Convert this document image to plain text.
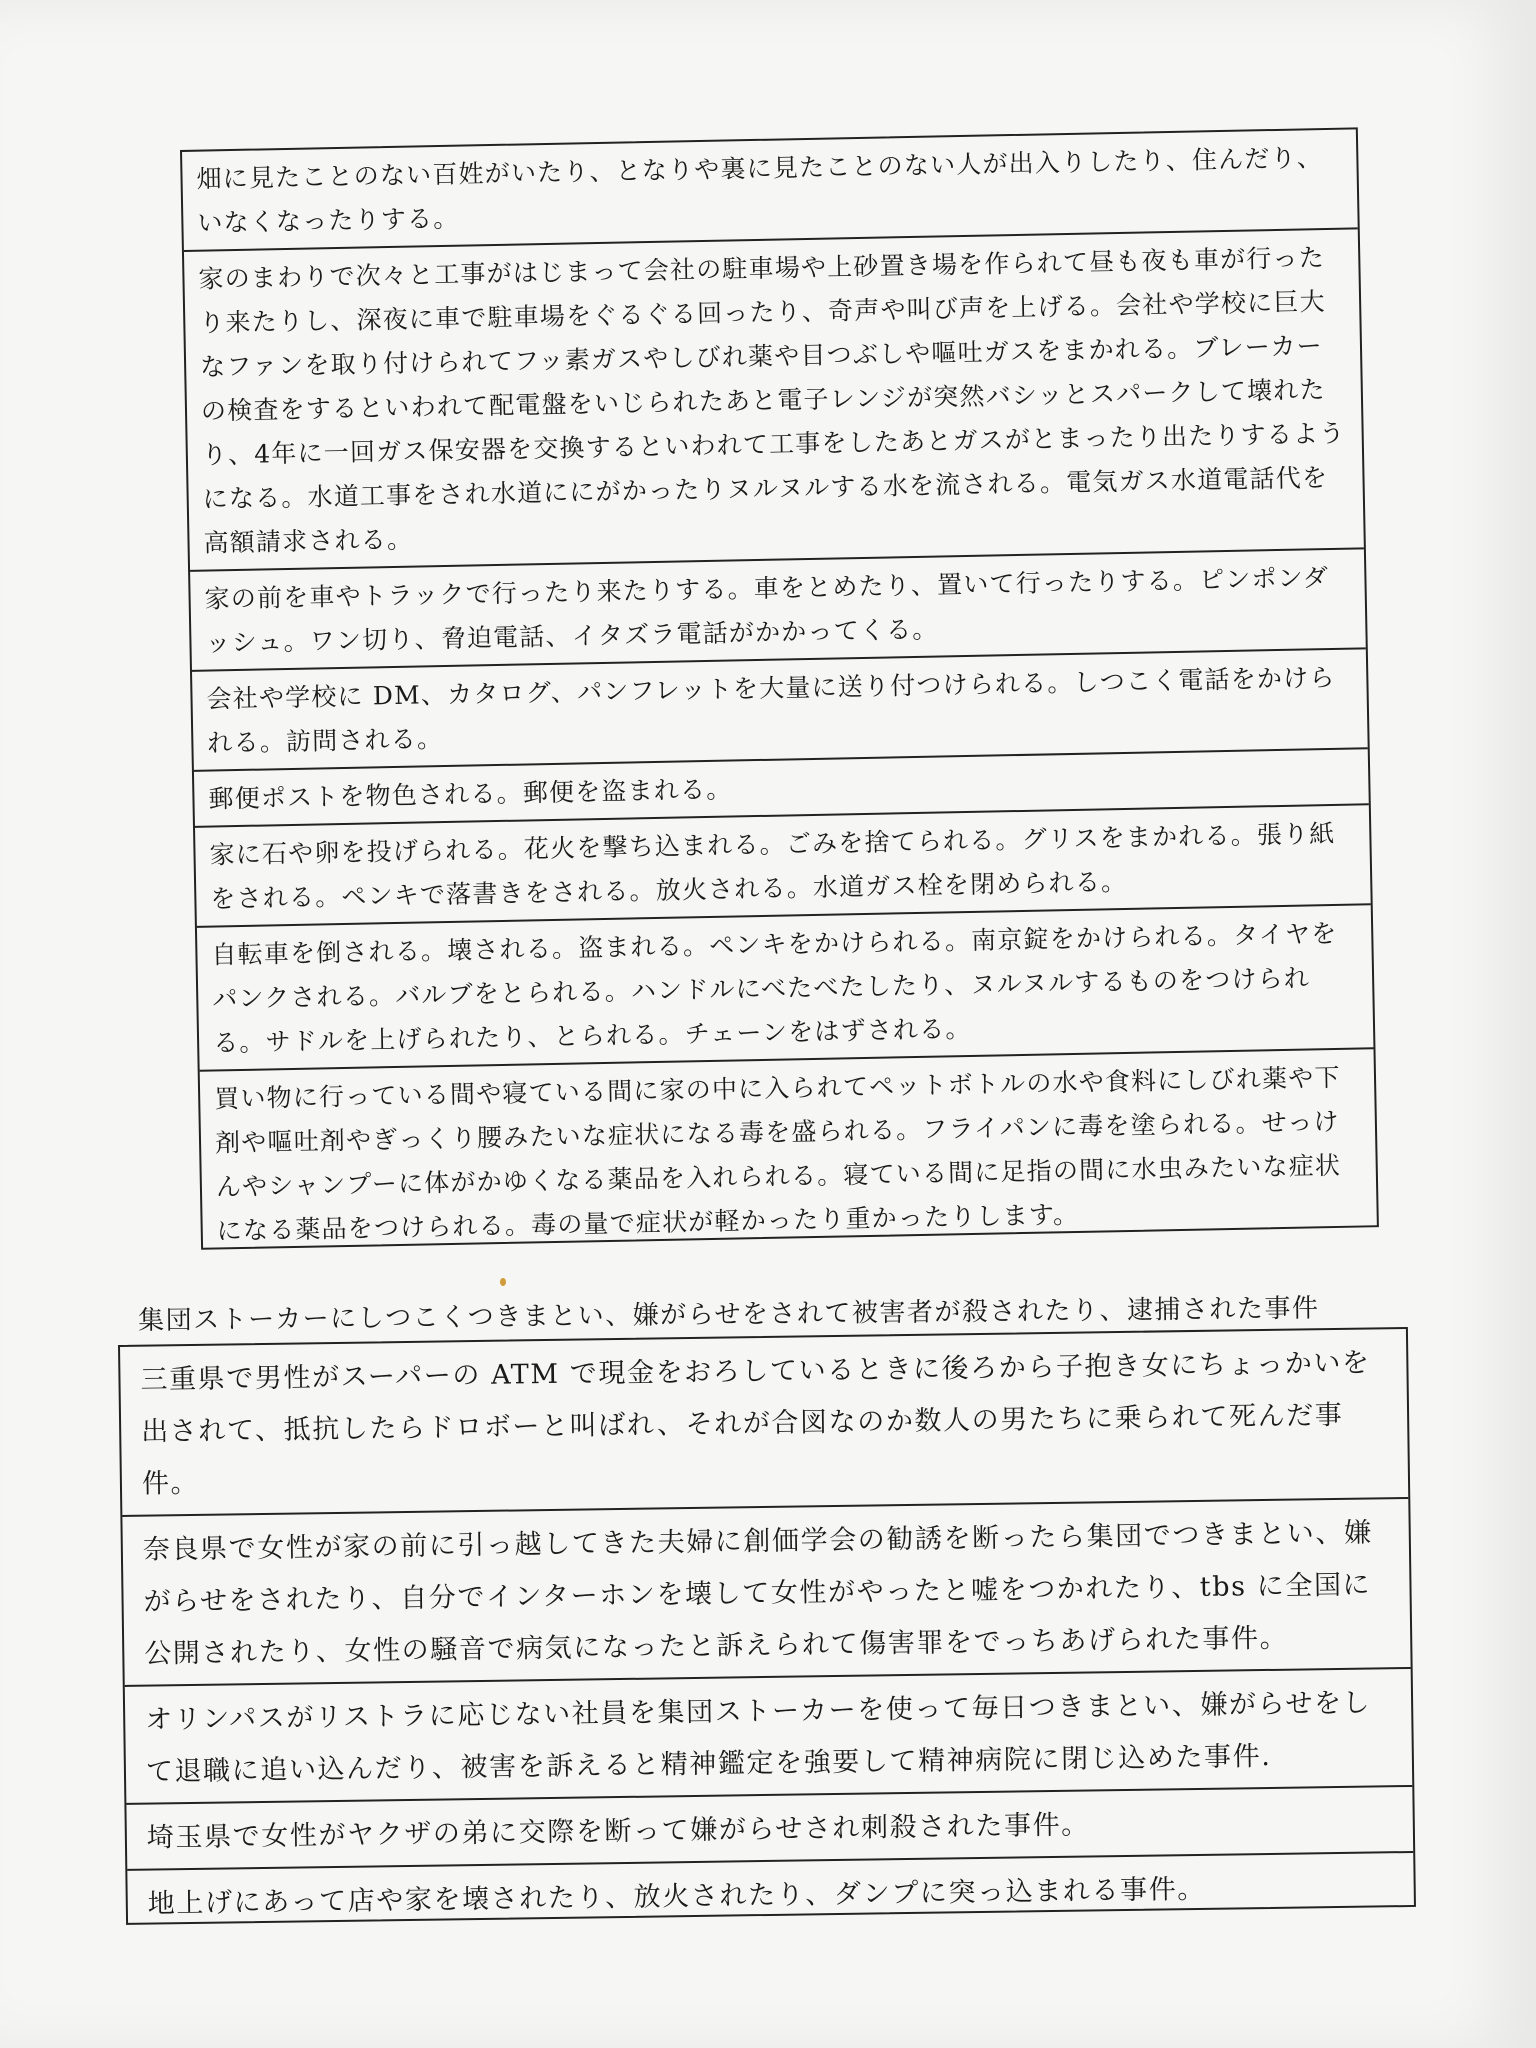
畑に見たことのない百姓がいたり、となりや裏に見たことのない人が出入りしたり、住んだり、いなくなったりする。
家のまわりで次々と工事がはじまって会社の駐車場や上砂置き場を作られて昼も夜も車が行ったり来たりし、深夜に車で駐車場をぐるぐる回ったり、奇声や叫び声を上げる。会社や学校に巨大なファンを取り付けられてフッ素ガスやしびれ薬や目つぶしや嘔吐ガスをまかれる。ブレーカーの検査をするといわれて配電盤をいじられたあと電子レンジが突然バシッとスパークして壊れたり、4年に一回ガス保安器を交換するといわれて工事をしたあとガスがとまったり出たりするようになる。水道工事をされ水道ににがかったりヌルヌルする水を流される。電気ガス水道電話代を高額請求される。
家の前を車やトラックで行ったり来たりする。車をとめたり、置いて行ったりする。ピンポンダッシュ。ワン切り、脅迫電話、イタズラ電話がかかってくる。
会社や学校に DM、カタログ、パンフレットを大量に送り付つけられる。しつこく電話をかけられる。訪問される。
郵便ポストを物色される。郵便を盗まれる。
家に石や卵を投げられる。花火を撃ち込まれる。ごみを捨てられる。グリスをまかれる。張り紙をされる。ペンキで落書きをされる。放火される。水道ガス栓を閉められる。
自転車を倒される。壊される。盗まれる。ペンキをかけられる。南京錠をかけられる。タイヤをパンクされる。バルブをとられる。ハンドルにべたべたしたり、ヌルヌルするものをつけられる。サドルを上げられたり、とられる。チェーンをはずされる。
買い物に行っている間や寝ている間に家の中に入られてペットボトルの水や食料にしびれ薬や下剤や嘔吐剤やぎっくり腰みたいな症状になる毒を盛られる。フライパンに毒を塗られる。せっけんやシャンプーに体がかゆくなる薬品を入れられる。寝ている間に足指の間に水虫みたいな症状になる薬品をつけられる。毒の量で症状が軽かったり重かったりします。
集団ストーカーにしつこくつきまとい、嫌がらせをされて被害者が殺されたり、逮捕された事件
三重県で男性がスーパーの ATM で現金をおろしているときに後ろから子抱き女にちょっかいを出されて、抵抗したらドロボーと叫ばれ、それが合図なのか数人の男たちに乗られて死んだ事件。
奈良県で女性が家の前に引っ越してきた夫婦に創価学会の勧誘を断ったら集団でつきまとい、嫌がらせをされたり、自分でインターホンを壊して女性がやったと嘘をつかれたり、tbs に全国に公開されたり、女性の騒音で病気になったと訴えられて傷害罪をでっちあげられた事件。
オリンパスがリストラに応じない社員を集団ストーカーを使って毎日つきまとい、嫌がらせをして退職に追い込んだり、被害を訴えると精神鑑定を強要して精神病院に閉じ込めた事件.
埼玉県で女性がヤクザの弟に交際を断って嫌がらせされ刺殺された事件。
地上げにあって店や家を壊されたり、放火されたり、ダンプに突っ込まれる事件。
